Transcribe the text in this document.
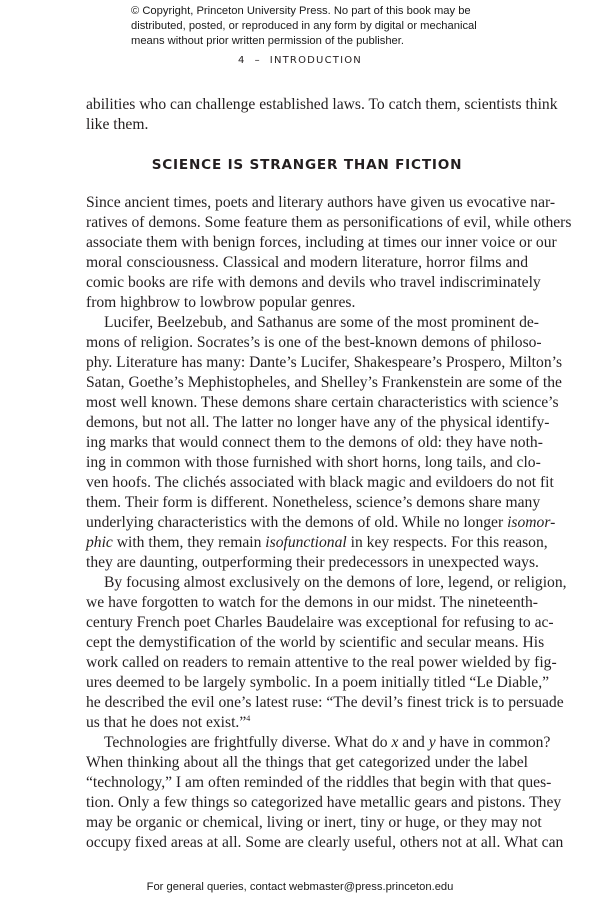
© Copyright, Princeton University Press. No part of this book may be
distributed, posted, or reproduced in any form by digital or mechanical
means without prior written permission of the publisher.
4 – INTRODUCTION
abilities who can challenge established laws. To catch them, scientists think
like them.
SCIENCE IS STRANGER THAN FICTION
Since ancient times, poets and literary authors have given us evocative nar-
ratives of demons. Some feature them as personifications of evil, while others
associate them with benign forces, including at times our inner voice or our
moral consciousness. Classical and modern literature, horror films and
comic books are rife with demons and devils who travel indiscriminately
from highbrow to lowbrow popular genres.
Lucifer, Beelzebub, and Sathanus are some of the most prominent de-
mons of religion. Socrates’s is one of the best-known demons of philoso-
phy. Literature has many: Dante’s Lucifer, Shakespeare’s Prospero, Milton’s
Satan, Goethe’s Mephistopheles, and Shelley’s Frankenstein are some of the
most well known. These demons share certain characteristics with science’s
demons, but not all. The latter no longer have any of the physical identify-
ing marks that would connect them to the demons of old: they have noth-
ing in common with those furnished with short horns, long tails, and clo-
ven hoofs. The clichés associated with black magic and evildoers do not fit
them. Their form is different. Nonetheless, science’s demons share many
underlying characteristics with the demons of old. While no longer isomor-
phic with them, they remain isofunctional in key respects. For this reason,
they are daunting, outperforming their predecessors in unexpected ways.
By focusing almost exclusively on the demons of lore, legend, or religion,
we have forgotten to watch for the demons in our midst. The nineteenth-
century French poet Charles Baudelaire was exceptional for refusing to ac-
cept the demystification of the world by scientific and secular means. His
work called on readers to remain attentive to the real power wielded by fig-
ures deemed to be largely symbolic. In a poem initially titled “Le Diable,”
he described the evil one’s latest ruse: “The devil’s finest trick is to persuade
us that he does not exist.”$^4$
Technologies are frightfully diverse. What do x and y have in common?
When thinking about all the things that get categorized under the label
“technology,” I am often reminded of the riddles that begin with that ques-
tion. Only a few things so categorized have metallic gears and pistons. They
may be organic or chemical, living or inert, tiny or huge, or they may not
occupy fixed areas at all. Some are clearly useful, others not at all. What can
For general queries, contact webmaster@press.princeton.edu
